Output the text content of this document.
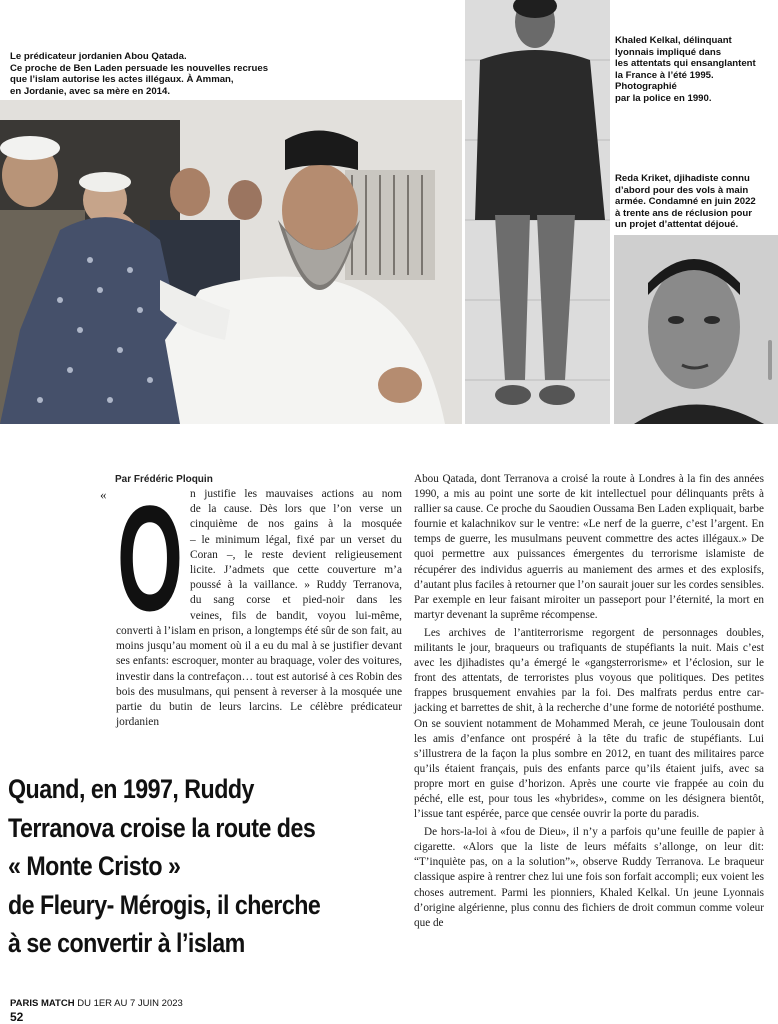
Le prédicateur jordanien Abou Qatada.
Ce proche de Ben Laden persuade les nouvelles recrues
que l’islam autorise les actes illégaux. À Amman,
en Jordanie, avec sa mère en 2014.
Khaled Kelkal, délinquant
lyonnais impliqué dans
les attentats qui ensanglantent
la France à l’été 1995.
Photographié
par la police en 1990.
Reda Kriket, djihadiste connu
d’abord pour des vols à main
armée. Condamné en juin 2022
à trente ans de réclusion pour
un projet d’attentat déjoué.
Par Frédéric Ploquin
« O n justifie les mauvaises actions au nom

de la cause. Dès lors que l’on verse un

cinquième de nos gains à la mosquée

– le minimum légal, fixé par un verset du

Coran –, le reste devient religieusement

licite. J’admets que cette couverture m’a

poussé à la vaillance. » Ruddy Terranova,

du sang corse et pied-noir dans les

veines, fils de bandit, voyou lui-même,

converti à l’islam en prison, a longtemps été sûr de son fait, au moins jusqu’au moment où il a eu du mal à se justifier devant ses enfants: escroquer, monter au braquage, voler des voitures, investir dans la contrefaçon… tout est autorisé à ces Robin des bois des musulmans, qui pensent à reverser à la mosquée une partie du butin de leurs larcins. Le célèbre prédicateur jordanien

Abou Qatada, dont Terranova a croisé la route à Londres à la fin des années 1990, a mis au point une sorte de kit intellectuel pour délinquants prêts à rallier sa cause. Ce proche du Saoudien Oussama Ben Laden expliquait, barbe fournie et kalachnikov sur le ventre: «Le nerf de la guerre, c’est l’argent. En temps de guerre, les musulmans peuvent commettre des actes illégaux.» De quoi permettre aux puissances émergentes du terrorisme islamiste de récupérer des individus aguerris au maniement des armes et des explosifs, d’autant plus faciles à retourner que l’on saurait jouer sur les cordes sensibles. Par exemple en leur faisant miroiter un passeport pour l’éternité, la mort en martyr devenant la suprême récompense.

Les archives de l’antiterrorisme regorgent de personnages doubles, militants le jour, braqueurs ou trafiquants de stupéfiants la nuit. Mais c’est avec les djihadistes qu’a émergé le «gangsterrorisme» et l’éclosion, sur le front des attentats, de terroristes plus voyous que politiques. Des petites frappes brusquement envahies par la foi. Des malfrats perdus entre car-jacking et barrettes de shit, à la recherche d’une forme de notoriété posthume. On se souvient notamment de Mohammed Merah, ce jeune Toulousain dont les amis d’enfance ont prospéré à la tête du trafic de stupéfiants. Lui s’illustrera de la façon la plus sombre en 2012, en tuant des militaires parce qu’ils étaient français, puis des enfants parce qu’ils étaient juifs, avec sa propre mort en guise d’horizon. Après une courte vie frappée au coin du péché, elle est, pour tous les «hybrides», comme on les désignera bientôt, l’issue tant espérée, parce que censée ouvrir la porte du paradis.

De hors-la-loi à «fou de Dieu», il n’y a parfois qu’une feuille de papier à cigarette. «Alors que la liste de leurs méfaits s’allonge, on leur dit: “T’inquiète pas, on a la solution”», observe Ruddy Terranova. Le braqueur classique aspire à rentrer chez lui une fois son forfait accompli; eux voient les choses autrement. Parmi les pionniers, Khaled Kelkal. Un jeune Lyonnais d’origine algérienne, plus connu des fichiers de droit commun comme voleur que de

Quand, en 1997, Ruddy
Terranova croise la route des
« Monte Cristo »
de Fleury- Mérogis, il cherche
à se convertir à l’islam
PARIS MATCH DU 1ER AU 7 JUIN 2023
52
